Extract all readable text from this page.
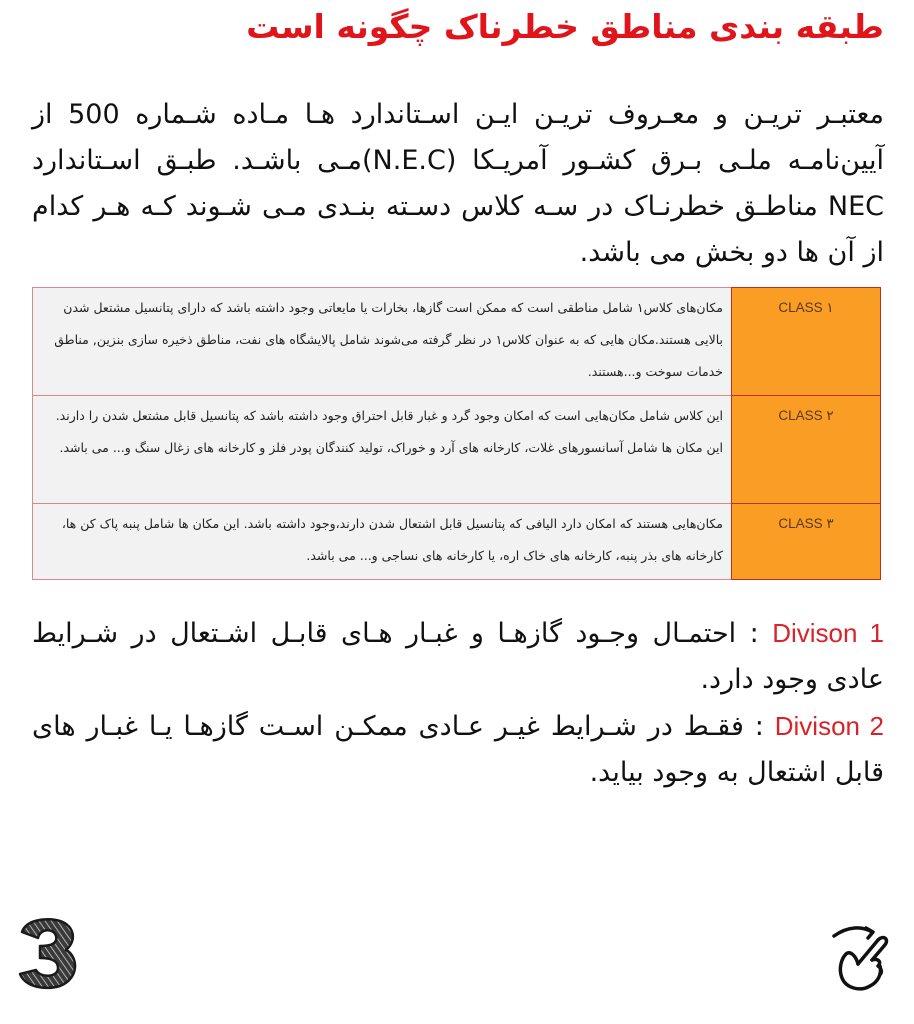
طبقه بندی مناطق خطرناک چگونه است
معتبـر تریـن و معـروف تریـن ایـن اسـتاندارد هـا مـاده شـماره 500 از آیین‌نامـه ملـی بـرق کشـور آمریـکا (N.E.C)مـی باشـد. طبـق اسـتاندارد NEC مناطـق خطرنـاک در سـه کلاس دسـته بنـدی مـی شـوند کـه هـر کدام از آن ها دو بخش می باشد.
CLASS ۱	مکان‌های کلاس۱ شامل مناطقی است که ممکن است گازها، بخارات یا مایعاتی وجود داشته باشد که دارای پتانسیل مشتعل شدن بالایی هستند.مکان هایی که به عنوان کلاس۱ در نظر گرفته می‌شوند شامل پالایشگاه های نفت، مناطق ذخیره سازی بنزین, مناطق خدمات سوخت و...هستند.
CLASS ۲	این کلاس شامل مکان‌هایی است که امکان وجود گرد و غبار قابل احتراق وجود داشته باشد که پتانسیل قابل مشتعل شدن را دارند. این مکان ها شامل آسانسورهای غلات، کارخانه های آرد و خوراک، تولید کنندگان پودر فلز و کارخانه های زغال سنگ و... می باشد.
CLASS ۳	مکان‌هایی هستند که امکان دارد الیافی که پتانسیل قابل اشتعال شدن دارند،وجود داشته باشد. این مکان ها شامل پنبه پاک کن ها، کارخانه های بذر پنبه، کارخانه های خاک اره، یا کارخانه های نساجی و... می باشد.

Divison 1 : احتمـال وجـود گازهـا و غبـار هـای قابـل اشـتعال در شـرایط عادی وجود دارد.

Divison 2 : فقـط در شـرایط غیـر عـادی ممکـن اسـت گازهـا یـا غبـار های قابل اشتعال به وجود بیاید.
